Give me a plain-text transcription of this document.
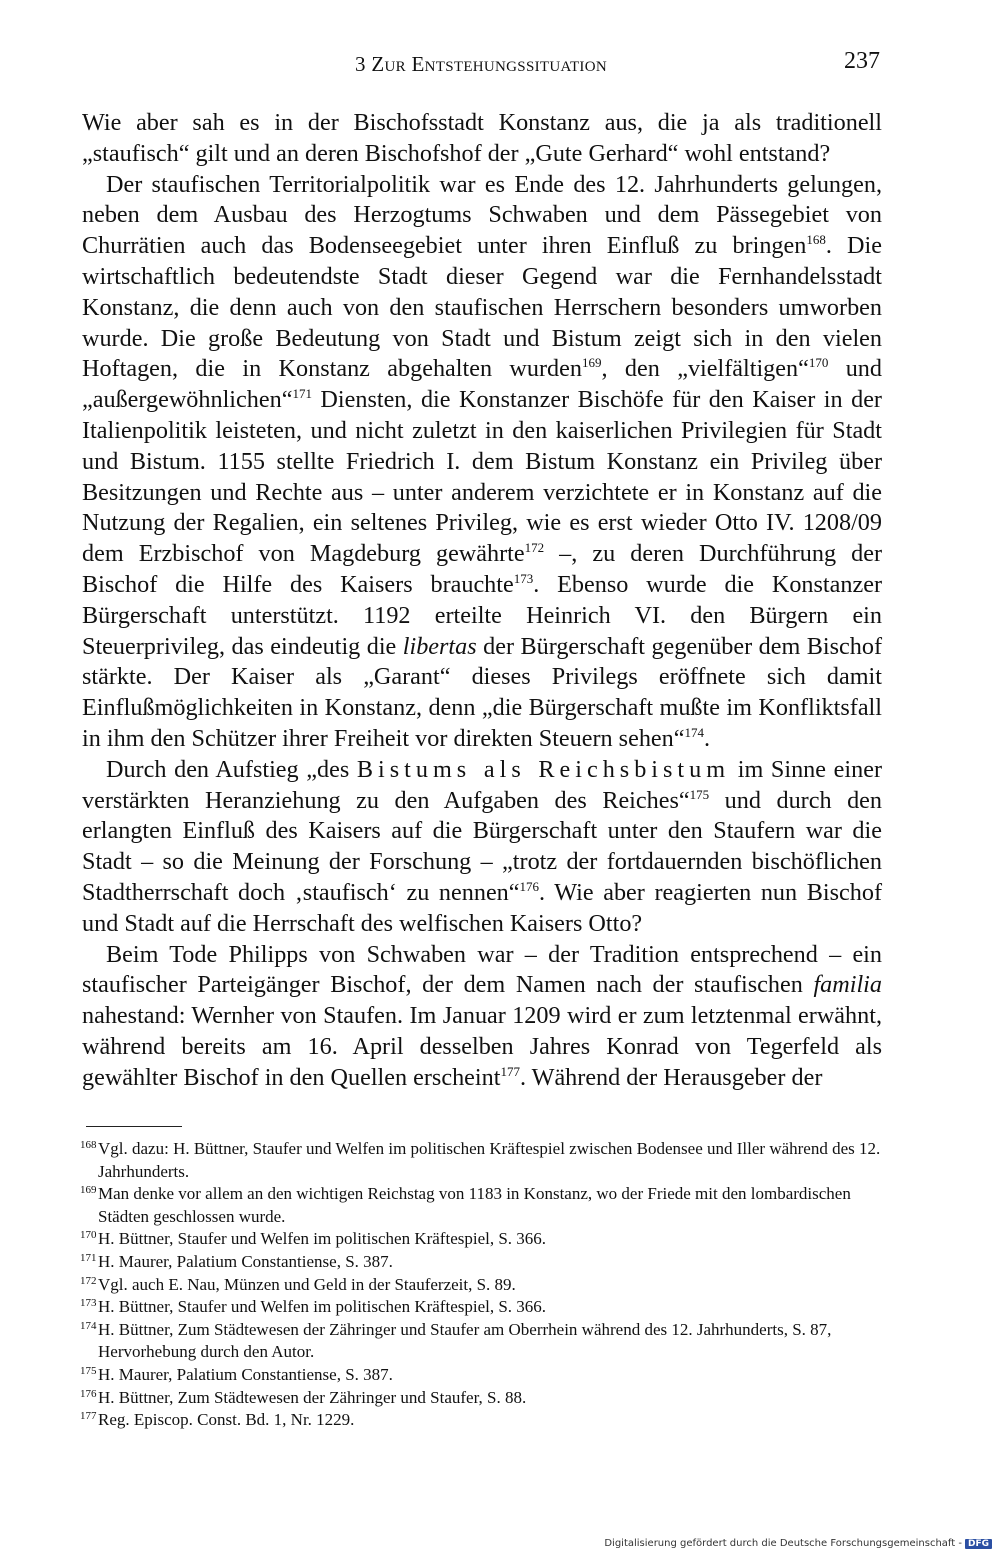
3 Zur Entstehungssituation	237

Wie aber sah es in der Bischofsstadt Konstanz aus, die ja als traditionell „staufisch“ gilt und an deren Bischofshof der „Gute Gerhard“ wohl entstand?

Der staufischen Territorialpolitik war es Ende des 12. Jahrhunderts gelungen, neben dem Ausbau des Herzogtums Schwaben und dem Pässegebiet von Churrätien auch das Bodenseegebiet unter ihren Einfluß zu bringen$^{168}$. Die wirtschaftlich bedeutendste Stadt dieser Gegend war die Fernhandelsstadt Konstanz, die denn auch von den staufischen Herrschern besonders umworben wurde. Die große Bedeutung von Stadt und Bistum zeigt sich in den vielen Hoftagen, die in Konstanz abgehalten wurden$^{169}$, den „vielfältigen“$^{170}$ und „außergewöhnlichen“$^{171}$ Diensten, die Konstanzer Bischöfe für den Kaiser in der Italienpolitik leisteten, und nicht zuletzt in den kaiserlichen Privilegien für Stadt und Bistum. 1155 stellte Friedrich I. dem Bistum Konstanz ein Privileg über Besitzungen und Rechte aus – unter anderem verzichtete er in Konstanz auf die Nutzung der Regalien, ein seltenes Privileg, wie es erst wieder Otto IV. 1208/09 dem Erzbischof von Magdeburg gewährte$^{172}$ –, zu deren Durchführung der Bischof die Hilfe des Kaisers brauchte$^{173}$. Ebenso wurde die Konstanzer Bürgerschaft unterstützt. 1192 erteilte Heinrich VI. den Bürgern ein Steuerprivileg, das eindeutig die libertas der Bürgerschaft gegenüber dem Bischof stärkte. Der Kaiser als „Garant“ dieses Privilegs eröffnete sich damit Einflußmöglichkeiten in Konstanz, denn „die Bürgerschaft mußte im Konfliktsfall in ihm den Schützer ihrer Freiheit vor direkten Steuern sehen“$^{174}$.

Durch den Aufstieg „des Bistums als Reichsbistum im Sinne einer verstärkten Heranziehung zu den Aufgaben des Reiches“$^{175}$ und durch den erlangten Einfluß des Kaisers auf die Bürgerschaft unter den Staufern war die Stadt – so die Meinung der Forschung – „trotz der fortdauernden bischöflichen Stadtherrschaft doch ‚staufisch‘ zu nennen“$^{176}$. Wie aber reagierten nun Bischof und Stadt auf die Herrschaft des welfischen Kaisers Otto?

Beim Tode Philipps von Schwaben war – der Tradition entsprechend – ein staufischer Parteigänger Bischof, der dem Namen nach der staufischen familia nahestand: Wernher von Staufen. Im Januar 1209 wird er zum letztenmal erwähnt, während bereits am 16. April desselben Jahres Konrad von Tegerfeld als gewählter Bischof in den Quellen erscheint$^{177}$. Während der Herausgeber der

168 Vgl. dazu: H. Büttner, Staufer und Welfen im politischen Kräftespiel zwischen Bodensee und Iller während des 12. Jahrhunderts.
169 Man denke vor allem an den wichtigen Reichstag von 1183 in Konstanz, wo der Friede mit den lombardischen Städten geschlossen wurde.
170 H. Büttner, Staufer und Welfen im politischen Kräftespiel, S. 366.
171 H. Maurer, Palatium Constantiense, S. 387.
172 Vgl. auch E. Nau, Münzen und Geld in der Stauferzeit, S. 89.
173 H. Büttner, Staufer und Welfen im politischen Kräftespiel, S. 366.
174 H. Büttner, Zum Städtewesen der Zähringer und Staufer am Oberrhein während des 12. Jahrhunderts, S. 87, Hervorhebung durch den Autor.
175 H. Maurer, Palatium Constantiense, S. 387.
176 H. Büttner, Zum Städtewesen der Zähringer und Staufer, S. 88.
177 Reg. Episcop. Const. Bd. 1, Nr. 1229.
Digitalisierung gefördert durch die Deutsche Forschungsgemeinschaft - DFG
